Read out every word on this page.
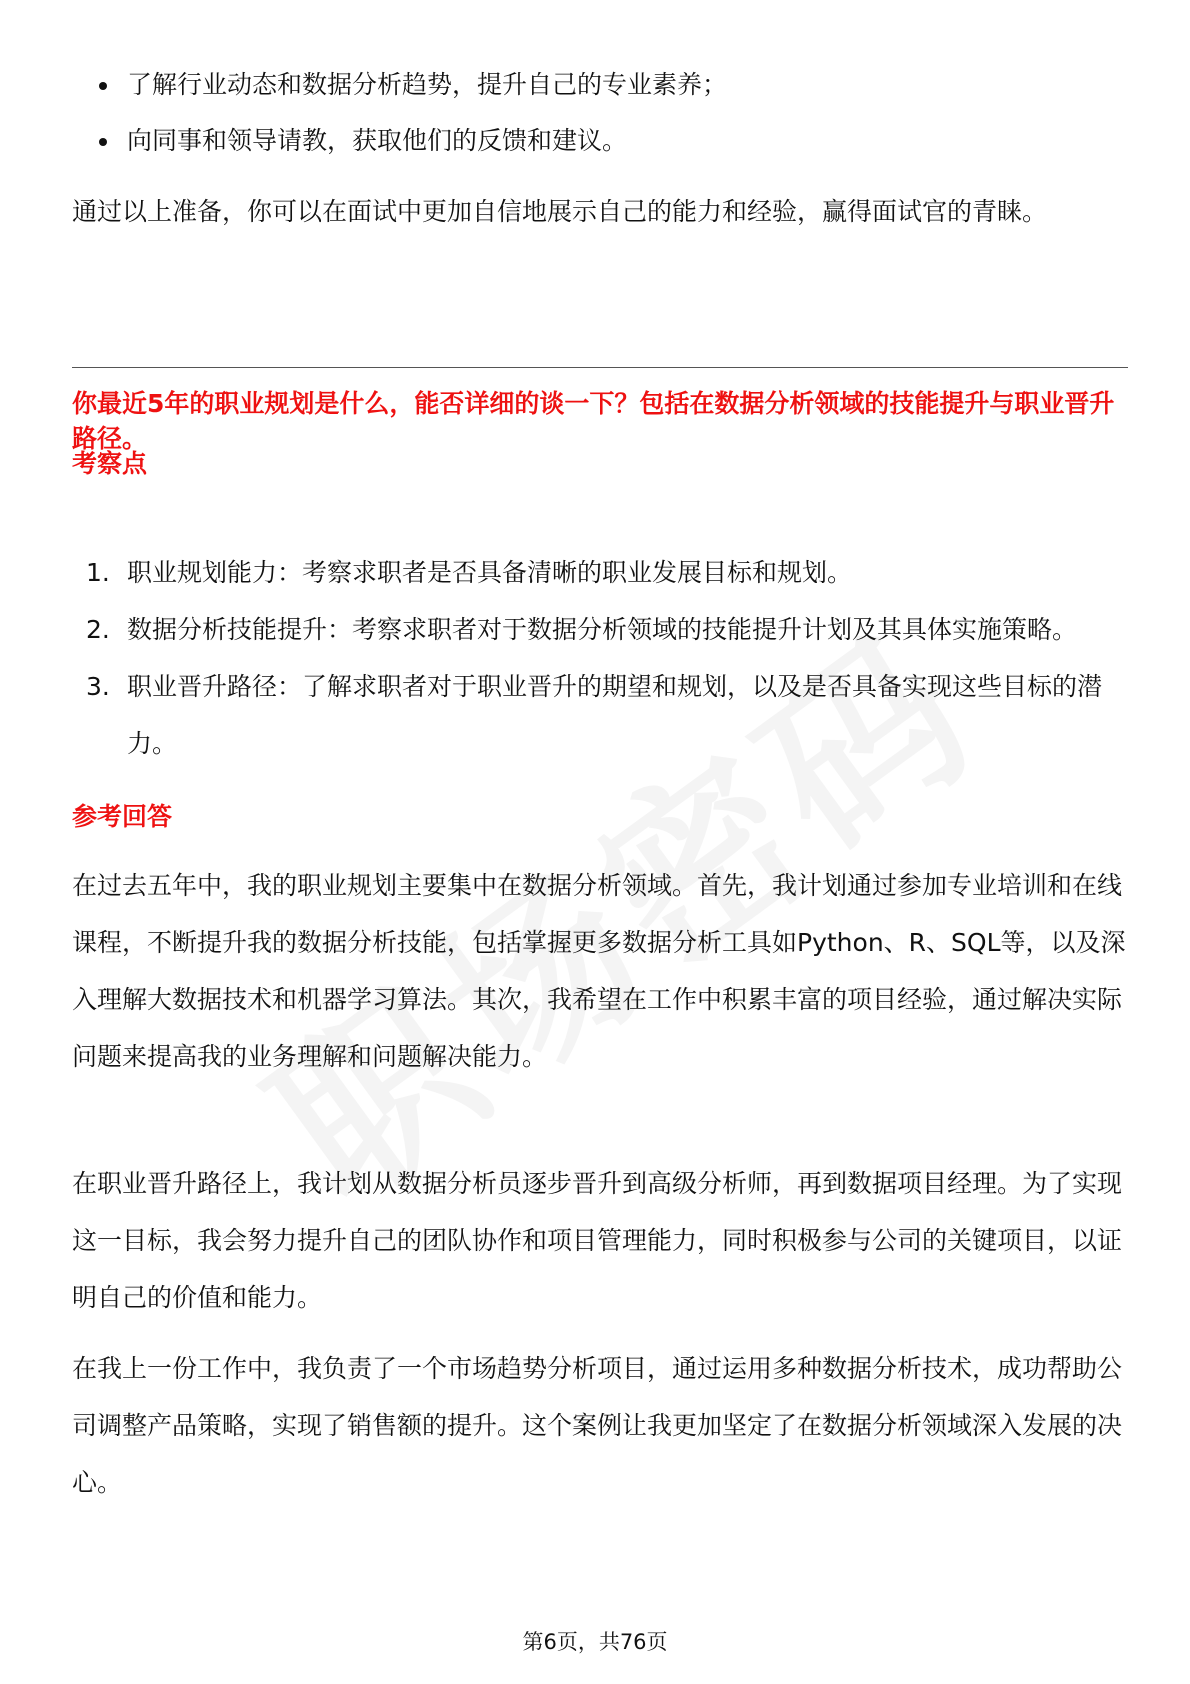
了解行业动态和数据分析趋势，提升自己的专业素养；
向同事和领导请教，获取他们的反馈和建议。

通过以上准备，你可以在面试中更加自信地展示自己的能力和经验，赢得面试官的青睐。

你最近5年的职业规划是什么，能否详细的谈一下？包括在数据分析领域的技能提升与职业晋升路径。

考察点

1. 职业规划能力：考察求职者是否具备清晰的职业发展目标和规划。
2. 数据分析技能提升：考察求职者对于数据分析领域的技能提升计划及其具体实施策略。
3. 职业晋升路径：了解求职者对于职业晋升的期望和规划，以及是否具备实现这些目标的潜力。

参考回答

在过去五年中，我的职业规划主要集中在数据分析领域。首先，我计划通过参加专业培训和在线课程，不断提升我的数据分析技能，包括掌握更多数据分析工具如Python、R、SQL等，以及深入理解大数据技术和机器学习算法。其次，我希望在工作中积累丰富的项目经验，通过解决实际问题来提高我的业务理解和问题解决能力。

在职业晋升路径上，我计划从数据分析员逐步晋升到高级分析师，再到数据项目经理。为了实现这一目标，我会努力提升自己的团队协作和项目管理能力，同时积极参与公司的关键项目，以证明自己的价值和能力。

在我上一份工作中，我负责了一个市场趋势分析项目，通过运用多种数据分析技术，成功帮助公司调整产品策略，实现了销售额的提升。这个案例让我更加坚定了在数据分析领域深入发展的决心。

第6页，共76页
